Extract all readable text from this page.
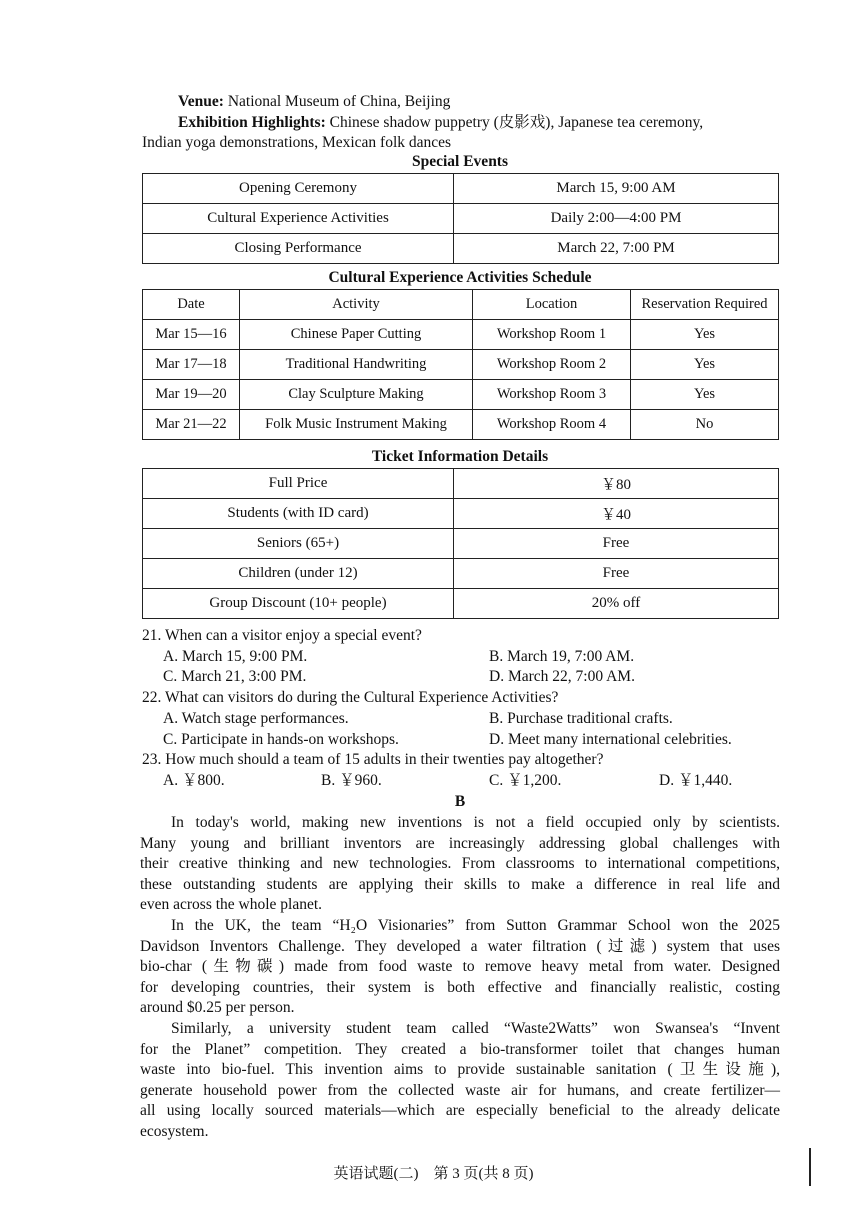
Venue: National Museum of China, Beijing
Exhibition Highlights: Chinese shadow puppetry (皮影戏), Japanese tea ceremony,
Indian yoga demonstrations, Mexican folk dances
Special Events
Opening Ceremony	March 15, 9:00 AM
Cultural Experience Activities	Daily 2:00—4:00 PM
Closing Performance	March 22, 7:00 PM
Cultural Experience Activities Schedule
Date	Activity	Location	Reservation Required
Mar 15—16	Chinese Paper Cutting	Workshop Room 1	Yes
Mar 17—18	Traditional Handwriting	Workshop Room 2	Yes
Mar 19—20	Clay Sculpture Making	Workshop Room 3	Yes
Mar 21—22	Folk Music Instrument Making	Workshop Room 4	No
Ticket Information Details
Full Price	￥80
Students (with ID card)	￥40
Seniors (65+)	Free
Children (under 12)	Free
Group Discount (10+ people)	20% off
21. When can a visitor enjoy a special event?
A. March 15, 9:00 PM.	B. March 19, 7:00 AM.
C. March 21, 3:00 PM.	D. March 22, 7:00 AM.
22. What can visitors do during the Cultural Experience Activities?
A. Watch stage performances.	B. Purchase traditional crafts.
C. Participate in hands-on workshops.	D. Meet many international celebrities.
23. How much should a team of 15 adults in their twenties pay altogether?
A. ￥800.	B. ￥960.	C. ￥1,200.	D. ￥1,440.
B
In today's world, making new inventions is not a field occupied only by scientists.
Many young and brilliant inventors are increasingly addressing global challenges with
their creative thinking and new technologies. From classrooms to international competitions,
these outstanding students are applying their skills to make a difference in real life and
even across the whole planet.
In the UK, the team “H₂O Visionaries” from Sutton Grammar School won the 2025
Davidson Inventors Challenge. They developed a water filtration (过滤) system that uses
bio-char (生物碳) made from food waste to remove heavy metal from water. Designed
for developing countries, their system is both effective and financially realistic, costing
around $0.25 per person.
Similarly, a university student team called “Waste2Watts” won Swansea's “Invent
for the Planet” competition. They created a bio-transformer toilet that changes human
waste into bio-fuel. This invention aims to provide sustainable sanitation (卫生设施),
generate household power from the collected waste air for humans, and create fertilizer—
all using locally sourced materials—which are especially beneficial to the already delicate
ecosystem.
英语试题(二)　第 3 页(共 8 页)
